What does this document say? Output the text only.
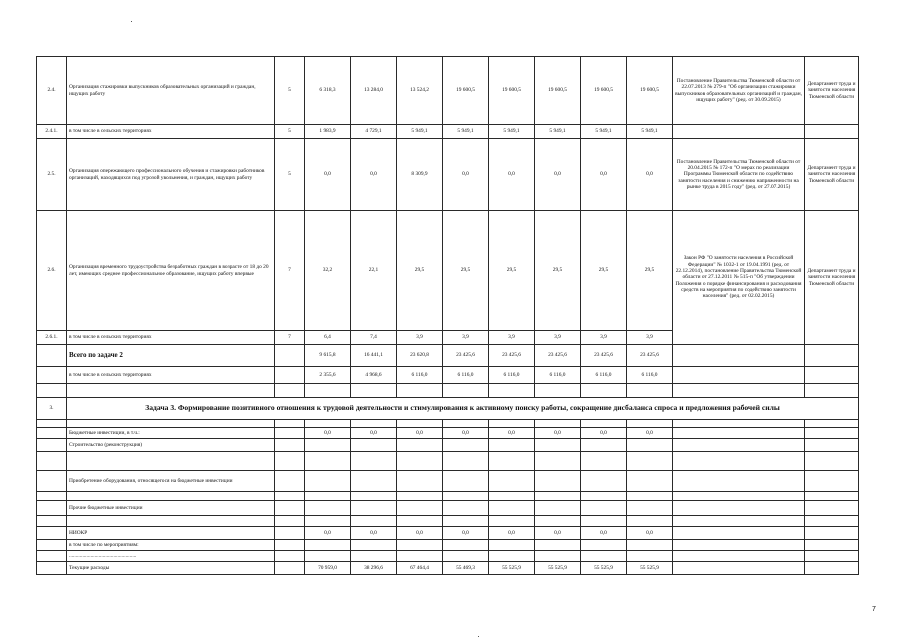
2.4.	Организация стажировки выпускников образовательных организаций и граждан, ищущих работу	5	6 318,3	13 284,0	13 524,2	19 600,5	19 600,5	19 600,5	19 600,5	19 600,5	Постановление Правительства Тюменской области от 22.07.2013 № 279-п "Об организации стажировки выпускников образовательных организаций и граждан, ищущих работу" (ред. от 30.09.2015)	Департамент труда и занятости населения Тюменской области
2.4.1.	в том числе в сельских территориях	5	1 983,9	4 729,1	5 949,1	5 949,1	5 949,1	5 949,1	5 949,1	5 949,1		
2.5.	Организация опережающего профессионального обучения и стажировки работников организаций, находящихся под угрозой увольнения, и граждан, ищущих работу	5	0,0	0,0	8 309,9	0,0	0,0	0,0	0,0	0,0	Постановление Правительства Тюменской области от 20.04.2015 № 172-п "О мерах по реализации Программы Тюменской области по содействию занятости населения и снижению напряженности на рынке труда в 2015 году" (ред. от 27.07.2015)	Департамент труда и занятости населения Тюменской области
2.6.	Организация временного трудоустройства безработных граждан в возрасте от 18 до 20 лет, имеющих среднее профессиональное образование, ищущих работу впервые	7	32,2	22,1	29,5	29,5	29,5	29,5	29,5	29,5	Закон РФ "О занятости населения в Российской Федерации" № 1032-1 от 19.04.1991 (ред. от 22.12.2014), постановление Правительства Тюменской области от 27.12.2011 № 515-п "Об утверждении Положения о порядке финансирования и расходования средств на мероприятия по содействию занятости населения" (ред. от 02.02.2015)	Департамент труда и занятости населения Тюменской области
2.6.1.	в том числе в сельских территориях	7	6,4	7,4	3,9	3,9	3,9	3,9	3,9	3,9		
	Всего по задаче 2		9 615,8	16 441,1	23 620,8	23 425,6	23 425,6	23 425,6	23 425,6	23 425,6		
	в том числе в сельских территориях		2 355,6	4 968,6	6 116,0	6 116,0	6 116,0	6 116,0	6 116,0	6 116,0		

3.	Задача 3. Формирование позитивного отношения к трудовой деятельности и стимулирования к активному поиску работы, сокращение дисбаланса спроса и предложения рабочей силы											

	Бюджетные инвестиции, в т.ч.:		0,0	0,0	0,0	0,0	0,0	0,0	0,0	0,0		
	Строительство (реконструкция)											

	Приобретение оборудования, относящегося на бюджетные инвестиции											

	Прочие бюджетные инвестиции											

	НИОКР		0,0	0,0	0,0	0,0	0,0	0,0	0,0	0,0		
	в том числе по мероприятиям:											
	..................................................											
	Текущие расходы		70 959,0	38 296,6	67 464,4	55 469,3	55 525,9	55 525,9	55 525,9	55 525,9		
7
